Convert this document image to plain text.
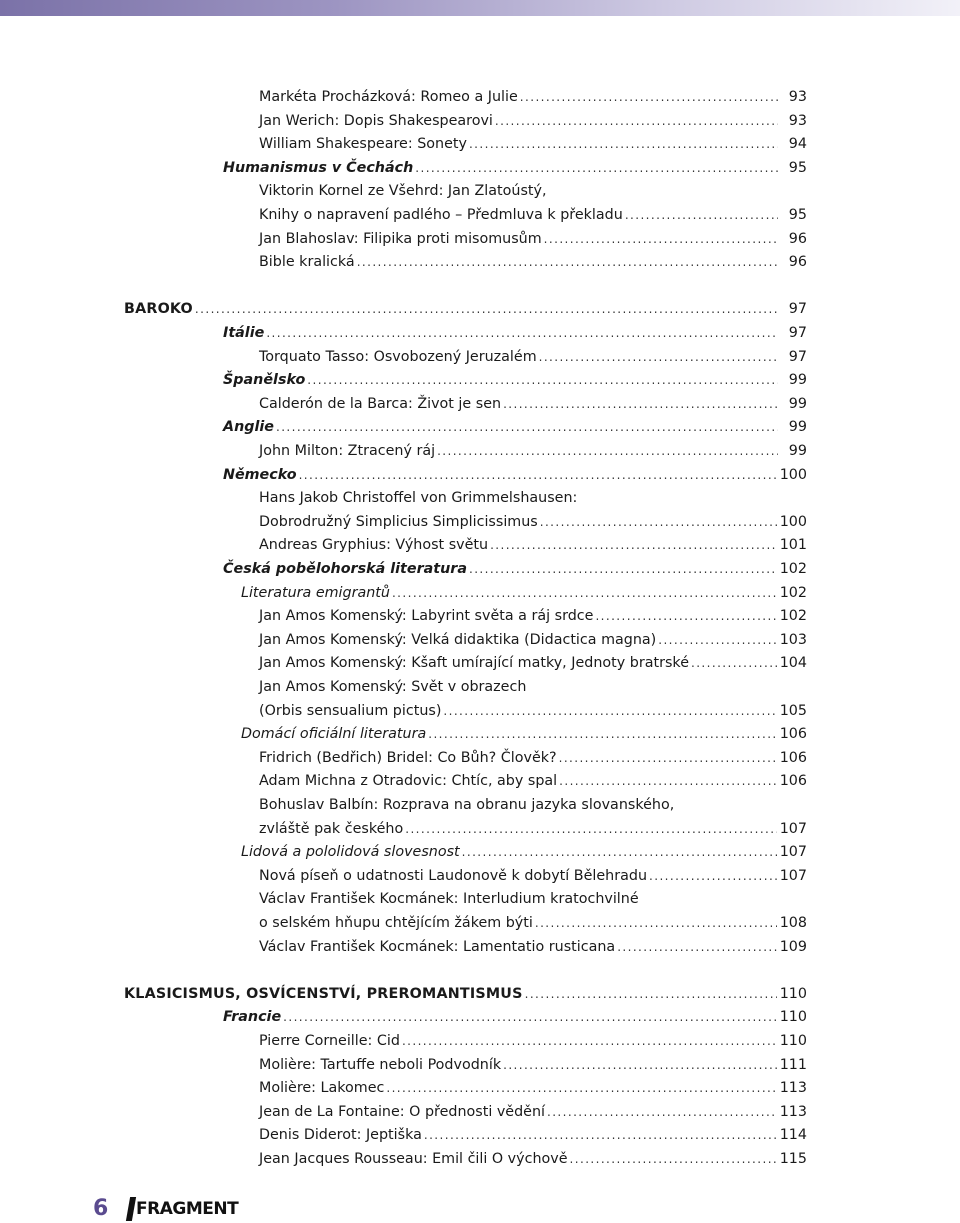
Markéta Procházková: Romeo a Julie .....	93
Jan Werich: Dopis Shakespearovi .....	93
William Shakespeare: Sonety .....	94
Humanismus v Čechách .....	95
Viktorin Kornel ze Všehrd: Jan Zlatoústý,
Knihy o napravení padlého – Předmluva k překladu .....	95
Jan Blahoslav: Filipika proti misomusům .....	96
Bible kralická .....	96
BAROKO .....	97
Itálie .....	97
Torquato Tasso: Osvobozený Jeruzalém .....	97
Španělsko .....	99
Calderón de la Barca: Život je sen .....	99
Anglie .....	99
John Milton: Ztracený ráj .....	99
Německo .....	100
Hans Jakob Christoffel von Grimmelshausen:
Dobrodružný Simplicius Simplicissimus .....	100
Andreas Gryphius: Výhost světu .....	101
Česká pobělohorská literatura .....	102
Literatura emigrantů .....	102
Jan Amos Komenský: Labyrint světa a ráj srdce .....	102
Jan Amos Komenský: Velká didaktika (Didactica magna) .....	103
Jan Amos Komenský: Kšaft umírající matky, Jednoty bratrské .....	104
Jan Amos Komenský: Svět v obrazech
(Orbis sensualium pictus) .....	105
Domácí oficiální literatura .....	106
Fridrich (Bedřich) Bridel: Co Bůh? Člověk? .....	106
Adam Michna z Otradovic: Chtíc, aby spal .....	106
Bohuslav Balbín: Rozprava na obranu jazyka slovanského,
zvláště pak českého .....	107
Lidová a pololidová slovesnost .....	107
Nová píseň o udatnosti Laudonově k dobytí Bělehradu .....	107
Václav František Kocmánek: Interludium kratochvilné
o selském hňupu chtějícím žákem býti .....	108
Václav František Kocmánek: Lamentatio rusticana .....	109
KLASICISMUS, OSVÍCENSTVÍ, PREROMANTISMUS .....	110
Francie .....	110
Pierre Corneille: Cid .....	110
Molière: Tartuffe neboli Podvodník .....	111
Molière: Lakomec .....	113
Jean de La Fontaine: O přednosti vědění .....	113
Denis Diderot: Jeptiška .....	114
Jean Jacques Rousseau: Emil čili O výchově .....	115
6 FRAGMENT
